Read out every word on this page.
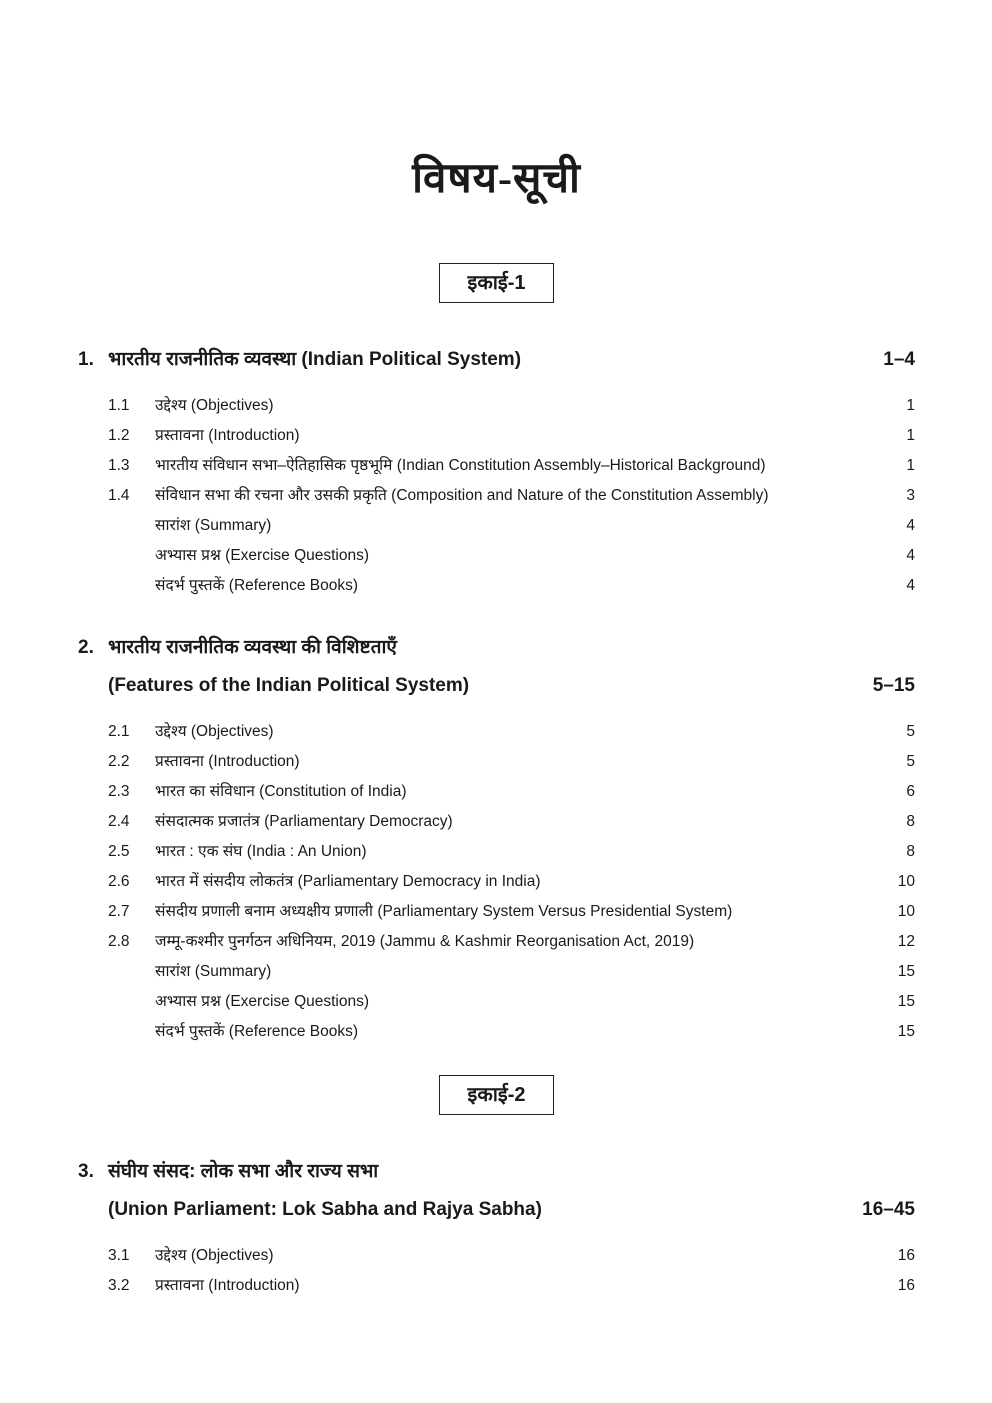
विषय-सूची
इकाई-1
1. भारतीय राजनीतिक व्यवस्था (Indian Political System)	1–4
1.1	उद्देश्य (Objectives)	1
1.2	प्रस्तावना (Introduction)	1
1.3	भारतीय संविधान सभा–ऐतिहासिक पृष्ठभूमि (Indian Constitution Assembly–Historical Background)	1
1.4	संविधान सभा की रचना और उसकी प्रकृति (Composition and Nature of the Constitution Assembly)	3
सारांश (Summary)	4
अभ्यास प्रश्न (Exercise Questions)	4
संदर्भ पुस्तकें (Reference Books)	4
2. भारतीय राजनीतिक व्यवस्था की विशिष्टताएँ
(Features of the Indian Political System)	5–15
2.1	उद्देश्य (Objectives)	5
2.2	प्रस्तावना (Introduction)	5
2.3	भारत का संविधान (Constitution of India)	6
2.4	संसदात्मक प्रजातंत्र (Parliamentary Democracy)	8
2.5	भारत : एक संघ (India : An Union)	8
2.6	भारत में संसदीय लोकतंत्र (Parliamentary Democracy in India)	10
2.7	संसदीय प्रणाली बनाम अध्यक्षीय प्रणाली (Parliamentary System Versus Presidential System)	10
2.8	जम्मू-कश्मीर पुनर्गठन अधिनियम, 2019 (Jammu & Kashmir Reorganisation Act, 2019)	12
सारांश (Summary)	15
अभ्यास प्रश्न (Exercise Questions)	15
संदर्भ पुस्तकें (Reference Books)	15
इकाई-2
3. संघीय संसद: लोक सभा और राज्य सभा
(Union Parliament: Lok Sabha and Rajya Sabha)	16–45
3.1	उद्देश्य (Objectives)	16
3.2	प्रस्तावना (Introduction)	16
